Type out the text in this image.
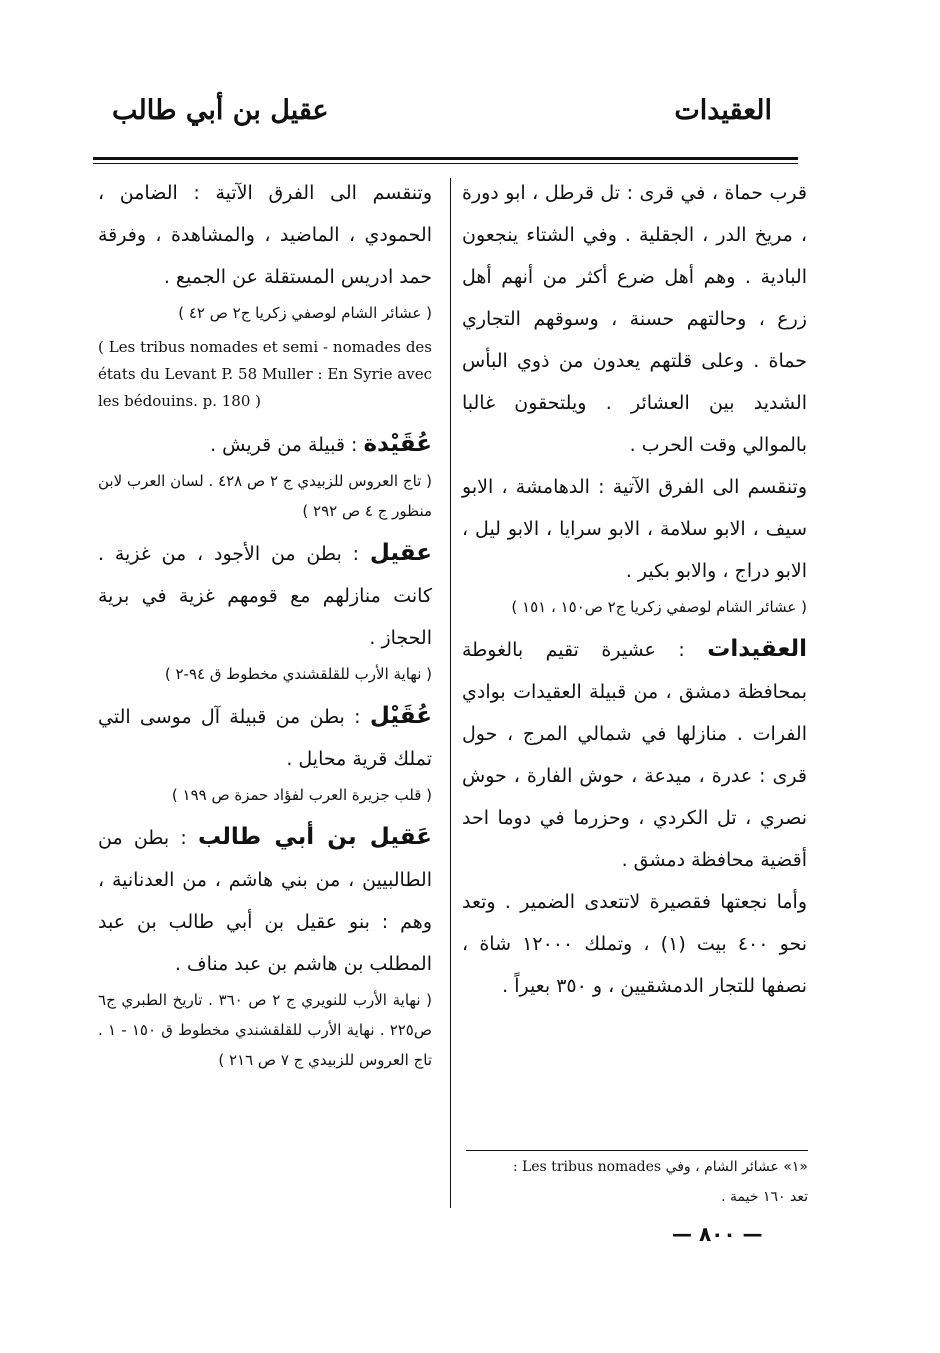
العقيدات
عقيل بن أبي طالب

قرب حماة ، في قرى : تل قرطل ، ابو دورة ، مريخ الدر ، الجقلية . وفي الشتاء ينجعون البادية . وهم أهل ضرع أكثر من أنهم أهل زرع ، وحالتهم حسنة ، وسوقهم التجاري حماة . وعلى قلتهم يعدون من ذوي البأس الشديد بين العشائر . ويلتحقون غالبا بالموالي وقت الحرب .

وتنقسم الى الفرق الآتية : الدهامشة ، الابو سيف ، الابو سلامة ، الابو سرايا ، الابو ليل ، الابو دراج ، والابو بكير .

( عشائر الشام لوصفي زكريا ج٢ ص١٥٠ ، ١٥١ )

العقيدات : عشيرة تقيم بالغوطة بمحافظة دمشق ، من قبيلة العقيدات بوادي الفرات . منازلها في شمالي المرج ، حول قرى : عدرة ، ميدعة ، حوش الفارة ، حوش نصري ، تل الكردي ، وحزرما في دوما احد أقضية محافظة دمشق .

وأما نجعتها فقصيرة لاتتعدى الضمير . وتعد نحو ٤٠٠ بيت (١) ، وتملك ١٢٠٠٠ شاة ، نصفها للتجار الدمشقيين ، و ٣٥٠ بعيراً .

«١» عشائر الشام ، وفي : Les tribus nomades
تعد ١٦٠ خيمة .
— ٨٠٠ —

وتنقسم الى الفرق الآتية : الضامن ، الحمودي ، الماضيد ، والمشاهدة ، وفرقة حمد ادريس المستقلة عن الجميع .

( عشائر الشام لوصفي زكريا ج٢ ص ٤٢ )

( Les tribus nomades et semi - nomades des états du Levant P. 58 Muller : En Syrie avec les bédouins. p. 180 )

عُقَيْدة : قبيلة من قريش .

( تاج العروس للزبيدي ج ٢ ص ٤٢٨ . لسان العرب لابن منظور ج ٤ ص ٢٩٢ )

عقيل : بطن من الأجود ، من غزية . كانت منازلهم مع قومهم غزية في برية الحجاز .

( نهاية الأرب للقلقشندي مخطوط ق ٩٤-٢ )

عُقَيْل : بطن من قبيلة آل موسى التي تملك قرية محايل .

( قلب جزيرة العرب لفؤاد حمزة ص ١٩٩ )

عَقيل بن أبي طالب : بطن من الطالبيين ، من بني هاشم ، من العدنانية ، وهم : بنو عقيل بن أبي طالب بن عبد المطلب بن هاشم بن عبد مناف .

( نهاية الأرب للنويري ج ٢ ص ٣٦٠ . تاريخ الطبري ج٦ ص٢٢٥ . نهاية الأرب للقلقشندي مخطوط ق ١٥٠ - ١ . تاج العروس للزبيدي ج ٧ ص ٢١٦ )
